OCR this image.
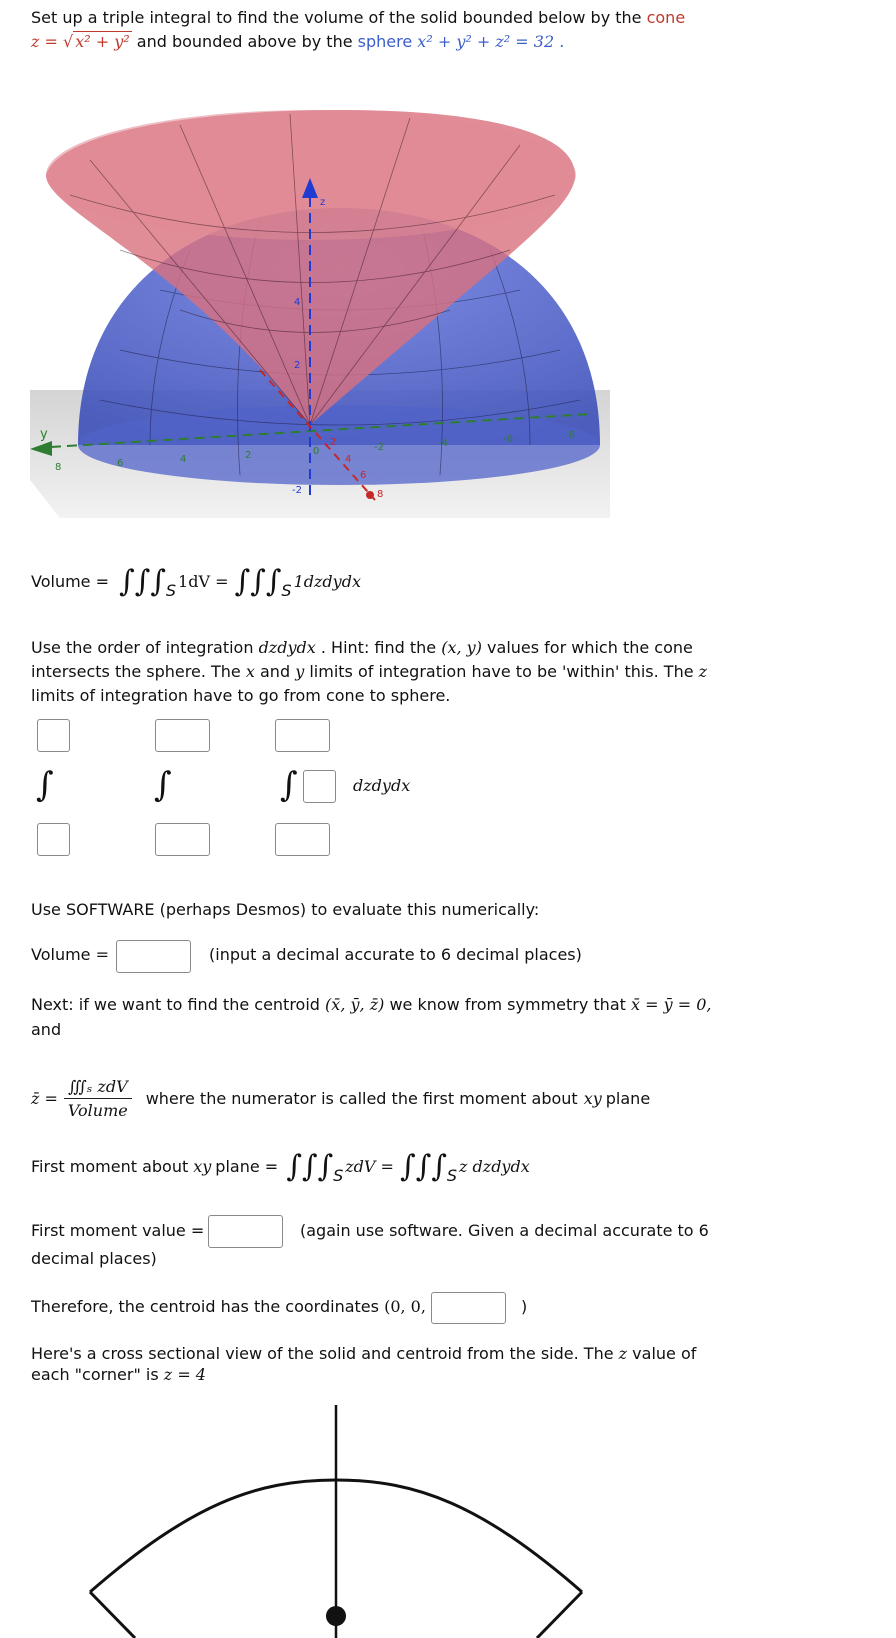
Set up a triple integral to find the volume of the solid bounded below by the cone
z = √ x² + y² and bounded above by the sphere x² + y² + z² = 32 .
y
8	6	4	2	0	-2	-4	-6	-8
z
4
2
-2
2
4
6
8
Volume = ∫∫∫ S 1dV = ∫∫∫ S 1dzdydx
Use the order of integration dzdydx . Hint: find the (x, y) values for which the cone
intersects the sphere. The x and y limits of integration have to be 'within' this. The z
limits of integration have to go from cone to sphere.
∫	∫	∫	dzdydx
Use SOFTWARE (perhaps Desmos) to evaluate this numerically:
Volume =	(input a decimal accurate to 6 decimal places)
Next: if we want to find the centroid (x̄, ȳ, z̄) we know from symmetry that x̄ = ȳ = 0,
and
z̄ = $\frac{\text{∭ₛ zdV}}{\text{Volume}}$ where the numerator is called the first moment about xy plane
First moment about xy plane = ∫∫∫ S zdV = ∫∫∫ S z dzdydx
First moment value =	(again use software. Given a decimal accurate to 6
decimal places)
Therefore, the centroid has the coordinates (0, 0,	)
Here's a cross sectional view of the solid and centroid from the side. The z value of
each "corner" is z = 4
